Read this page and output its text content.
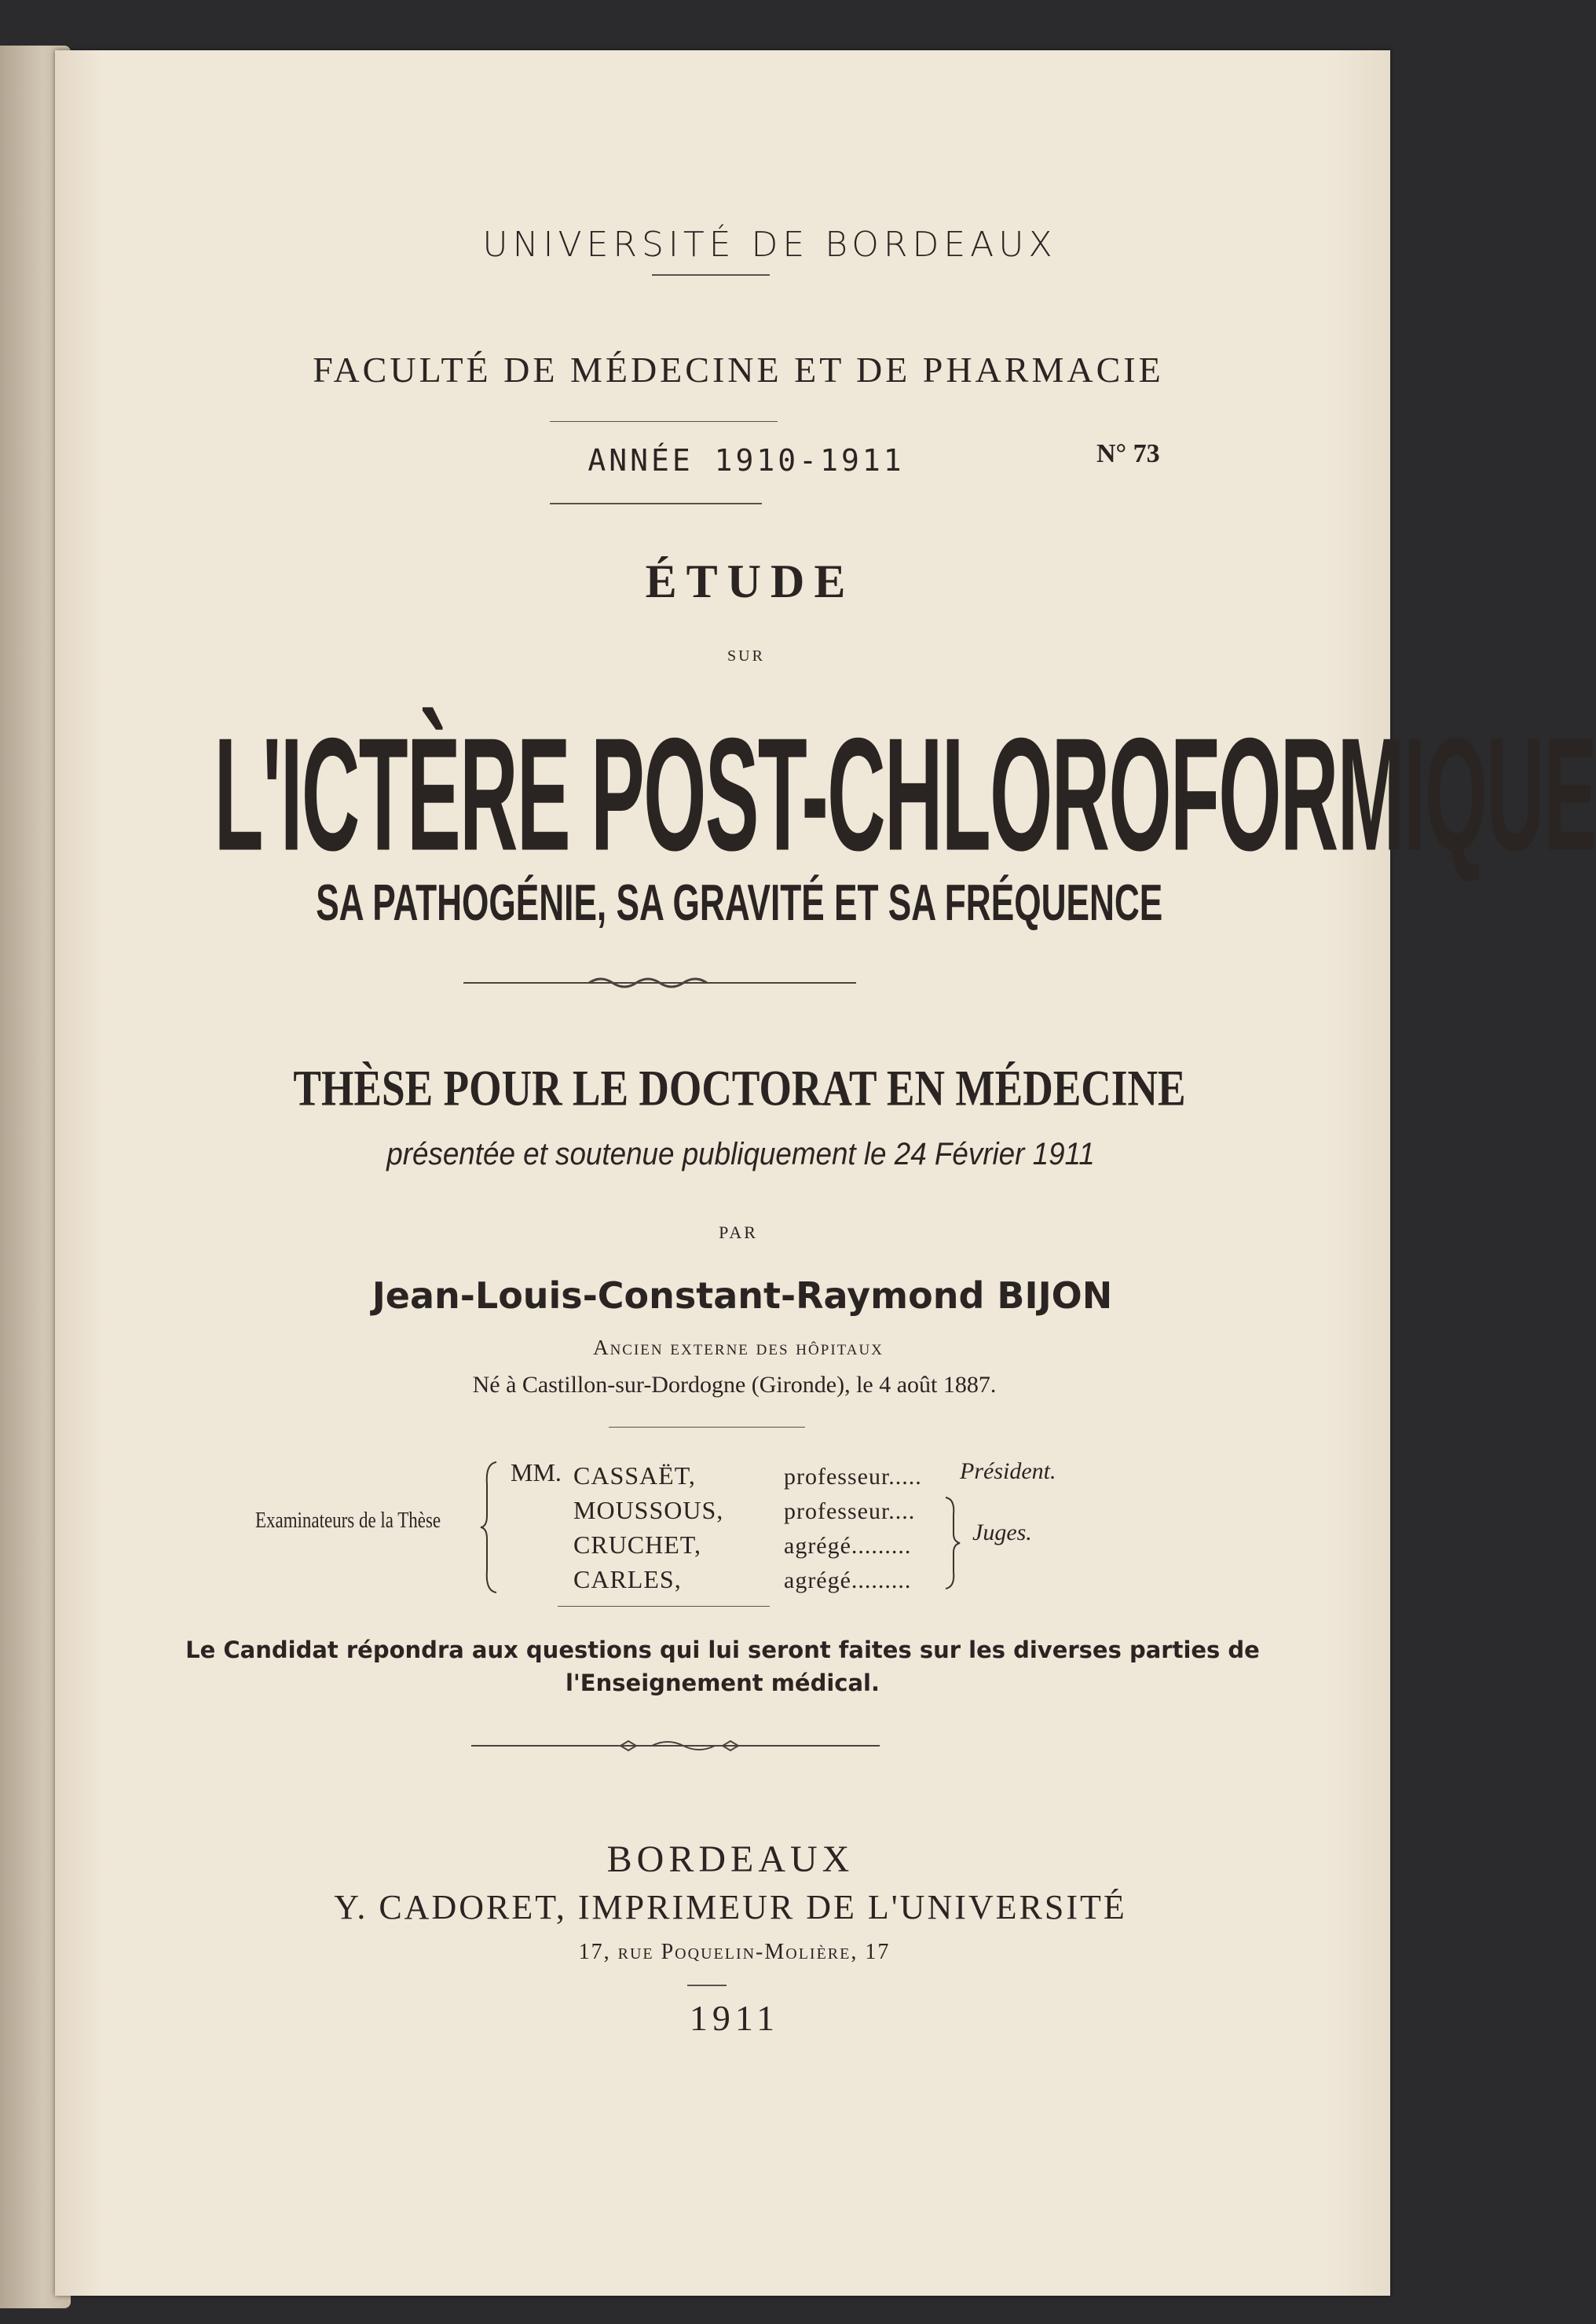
UNIVERSITÉ DE BORDEAUX
FACULTÉ DE MÉDECINE ET DE PHARMACIE
ANNÉE 1910-1911	N° 73
ÉTUDE
SUR
L'ICTÈRE POST-CHLOROFORMIQUE
SA PATHOGÉNIE, SA GRAVITÉ ET SA FRÉQUENCE
THÈSE POUR LE DOCTORAT EN MÉDECINE
présentée et soutenue publiquement le 24 Février 1911
PAR
Jean-Louis-Constant-Raymond BIJON
Ancien externe des hôpitaux
Né à Castillon-sur-Dordogne (Gironde), le 4 août 1887.
Examinateurs de la Thèse
MM. CASSAËT,
MOUSSOUS,
CRUCHET,
CARLES,
professeur.....
professeur....
agrégé.........
agrégé.........
Président.
Juges.
Le Candidat répondra aux questions qui lui seront faites sur les diverses parties de l'Enseignement médical.
BORDEAUX
Y. CADORET, IMPRIMEUR DE L'UNIVERSITÉ
17, rue Poquelin-Molière, 17
1911
